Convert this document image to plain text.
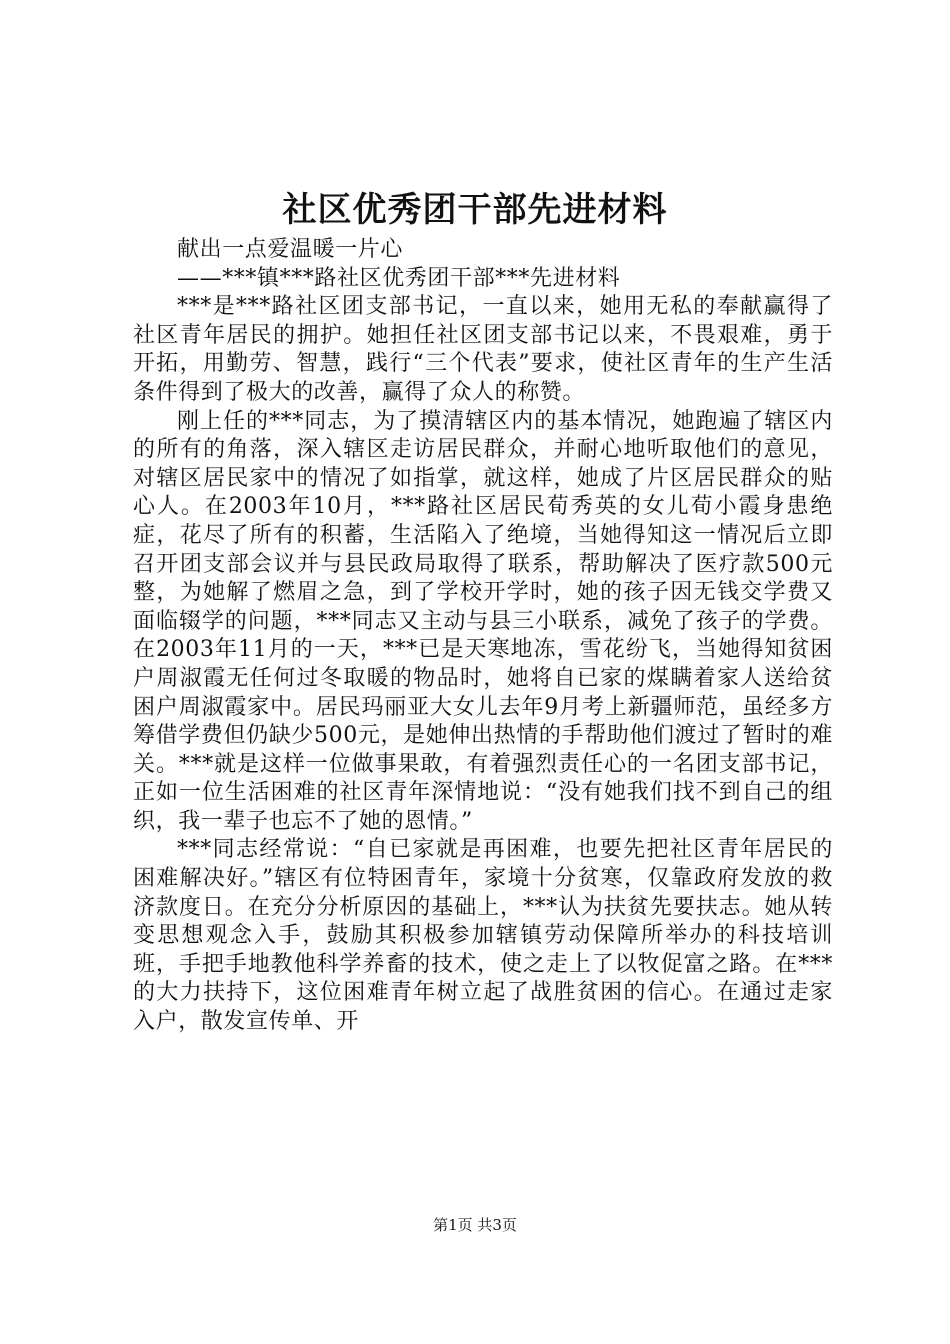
社区优秀团干部先进材料

献出一点爱温暖一片心

——***镇***路社区优秀团干部***先进材料

***是***路社区团支部书记，一直以来，她用无私的奉献赢得了社区青年居民的拥护。她担任社区团支部书记以来，不畏艰难，勇于开拓，用勤劳、智慧，践行“三个代表”要求，使社区青年的生产生活条件得到了极大的改善，赢得了众人的称赞。

刚上任的***同志，为了摸清辖区内的基本情况，她跑遍了辖区内的所有的角落，深入辖区走访居民群众，并耐心地听取他们的意见，对辖区居民家中的情况了如指掌，就这样，她成了片区居民群众的贴心人。在2003年10月，***路社区居民荀秀英的女儿荀小霞身患绝症，花尽了所有的积蓄，生活陷入了绝境，当她得知这一情况后立即召开团支部会议并与县民政局取得了联系，帮助解决了医疗款500元整，为她解了燃眉之急，到了学校开学时，她的孩子因无钱交学费又面临辍学的问题，***同志又主动与县三小联系，减免了孩子的学费。在2003年11月的一天，***已是天寒地冻，雪花纷飞，当她得知贫困户周淑霞无任何过冬取暖的物品时，她将自已家的煤瞒着家人送给贫困户周淑霞家中。居民玛丽亚大女儿去年9月考上新疆师范，虽经多方筹借学费但仍缺少500元，是她伸出热情的手帮助他们渡过了暂时的难关。***就是这样一位做事果敢，有着强烈责任心的一名团支部书记，正如一位生活困难的社区青年深情地说：“没有她我们找不到自己的组织，我一辈子也忘不了她的恩情。”

***同志经常说：“自已家就是再困难，也要先把社区青年居民的困难解决好。”辖区有位特困青年，家境十分贫寒，仅靠政府发放的救济款度日。在充分分析原因的基础上，***认为扶贫先要扶志。她从转变思想观念入手，鼓励其积极参加辖镇劳动保障所举办的科技培训班，手把手地教他科学养畜的技术，使之走上了以牧促富之路。在***的大力扶持下，这位困难青年树立起了战胜贫困的信心。在通过走家入户，散发宣传单、开

第1页 共3页
